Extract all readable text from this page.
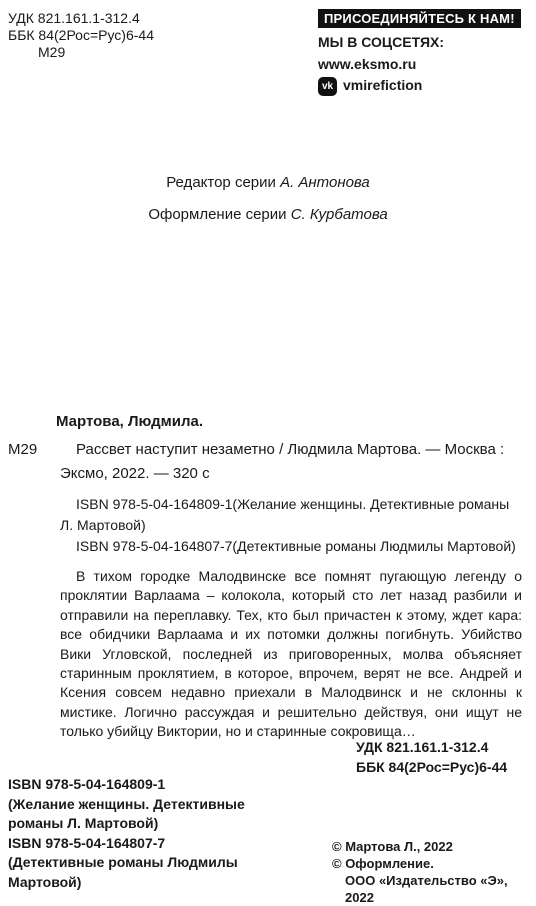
УДК 821.161.1-312.4
ББК 84(2Рос=Рус)6-44
М29
ПРИСОЕДИНЯЙТЕСЬ К НАМ!
МЫ В СОЦСЕТЯХ:
www.eksmo.ru
vk vmirefiction
Редактор серии А. Антонова
Оформление серии С. Курбатова
Мартова, Людмила.
М29	Рассвет наступит незаметно / Людмила Мартова. — Москва :
Эксмо, 2022. — 320 с
ISBN 978-5-04-164809-1(Желание женщины. Детективные романы
Л. Мартовой)
ISBN 978-5-04-164807-7(Детективные романы Людмилы Мартовой)
В тихом городке Малодвинске все помнят пугающую легенду о проклятии Варлаама – колокола, который сто лет назад разбили и отправили на переплавку. Тех, кто был причастен к этому, ждет кара: все обидчики Варлаама и их потомки должны погибнуть. Убийство Вики Угловской, последней из приговоренных, молва объясняет старинным проклятием, в которое, впрочем, верят не все. Андрей и Ксения совсем недавно приехали в Малодвинск и не склонны к мистике. Логично рассуждая и решительно действуя, они ищут не только убийцу Виктории, но и старинные сокровища…
УДК 821.161.1-312.4
ББК 84(2Рос=Рус)6-44
ISBN 978-5-04-164809-1
(Желание женщины. Детективные
романы Л. Мартовой)
ISBN 978-5-04-164807-7
(Детективные романы Людмилы
Мартовой)
© Мартова Л., 2022
© Оформление.
ООО «Издательство «Э», 2022
